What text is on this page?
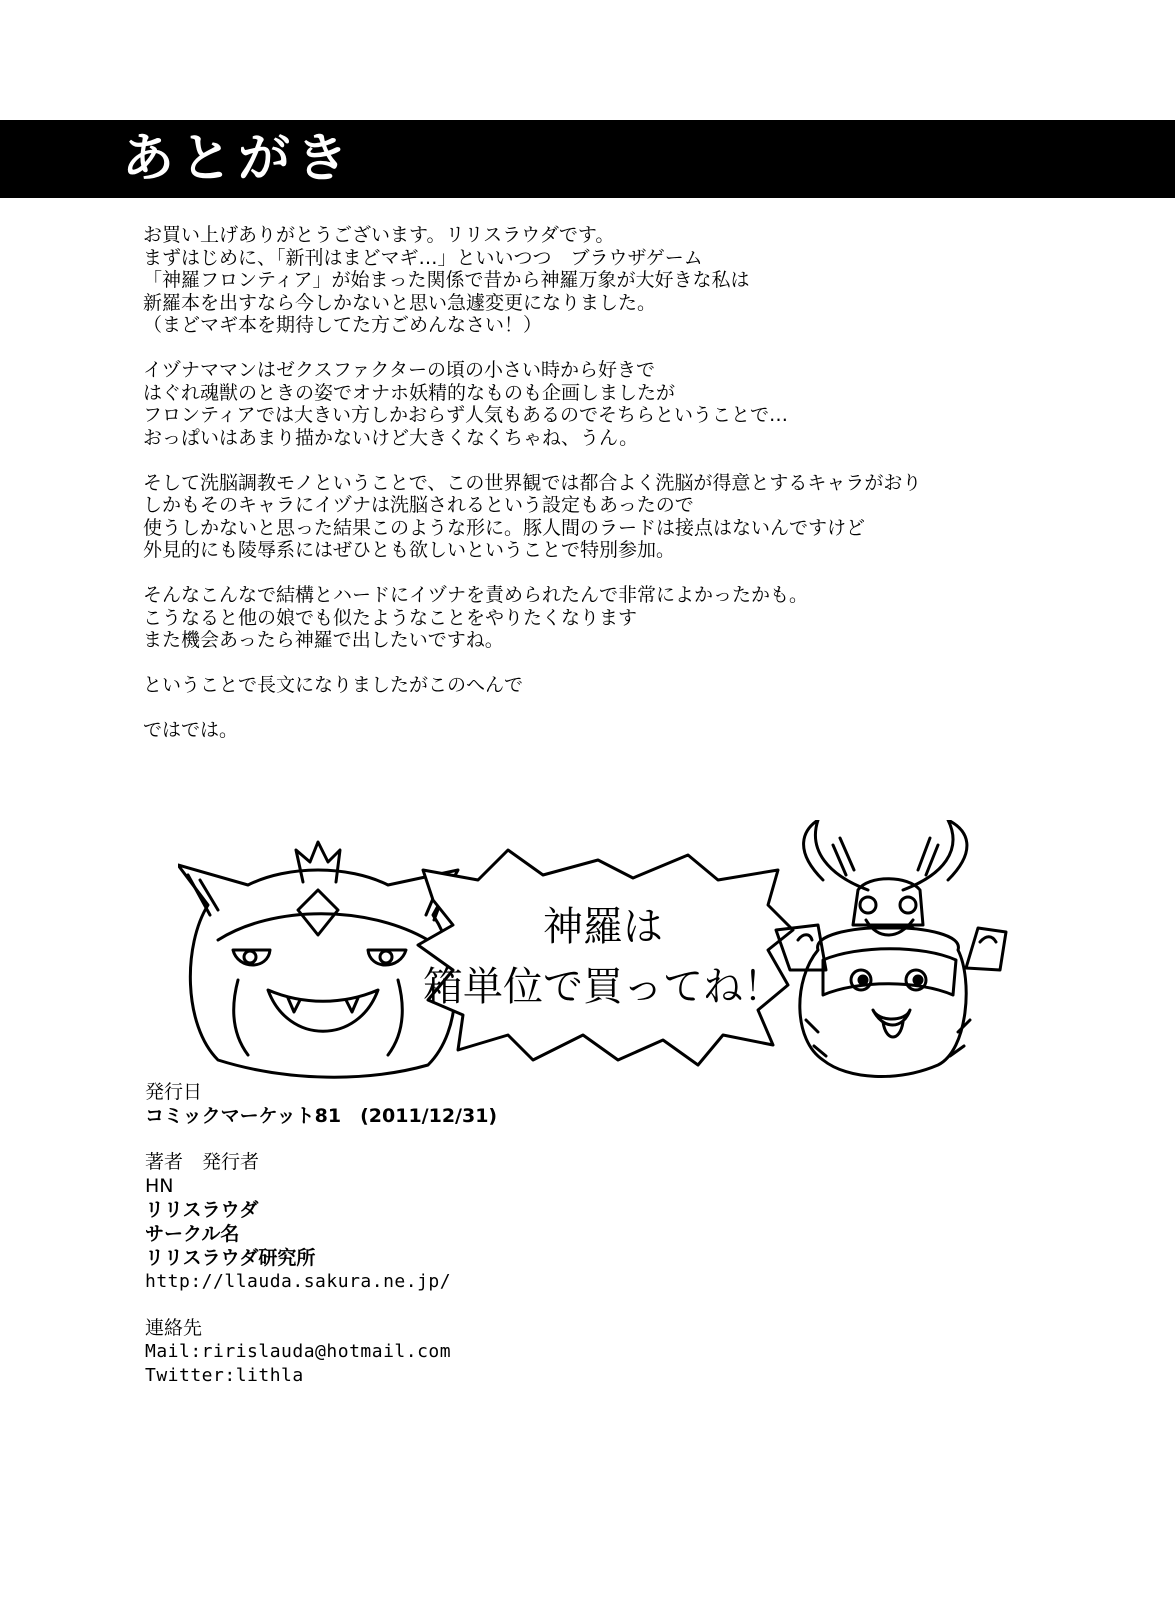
あとがき

お買い上げありがとうございます。リリスラウダです。
まずはじめに、「新刊はまどマギ…」といいつつ　ブラウザゲーム
「神羅フロンティア」が始まった関係で昔から神羅万象が大好きな私は
新羅本を出すなら今しかないと思い急遽変更になりました。
（まどマギ本を期待してた方ごめんなさい！）

イヅナママンはゼクスファクターの頃の小さい時から好きで
はぐれ魂獣のときの姿でオナホ妖精的なものも企画しましたが
フロンティアでは大きい方しかおらず人気もあるのでそちらということで…
おっぱいはあまり描かないけど大きくなくちゃね、うん。

そして洗脳調教モノということで、この世界観では都合よく洗脳が得意とするキャラがおり
しかもそのキャラにイヅナは洗脳されるという設定もあったので
使うしかないと思った結果このような形に。豚人間のラードは接点はないんですけど
外見的にも陵辱系にはぜひとも欲しいということで特別参加。

そんなこんなで結構とハードにイヅナを責められたんで非常によかったかも。
こうなると他の娘でも似たようなことをやりたくなります
また機会あったら神羅で出したいですね。

ということで長文になりましたがこのへんで

ではでは。

神羅は
箱単位で買ってね！
発行日
コミックマーケット81　(2011/12/31)
著者　発行者
HN
リリスラウダ
サークル名
リリスラウダ研究所
http://llauda.sakura.ne.jp/
連絡先
Mail:ririslauda@hotmail.com
Twitter:lithla
